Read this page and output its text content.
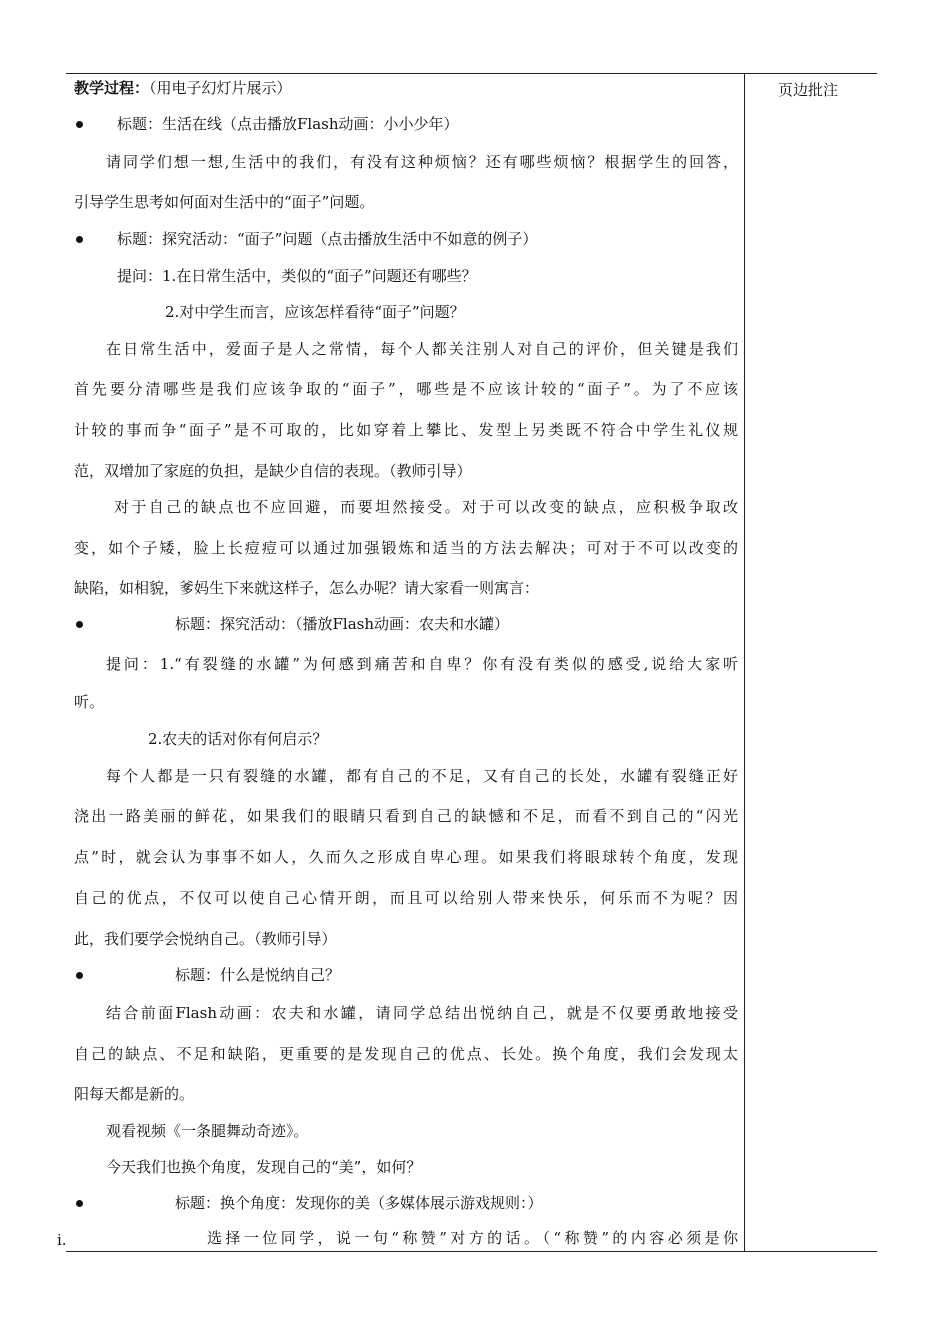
页边批注
教学过程：（用电子幻灯片展示）
标题：生活在线（点击播放Flash动画：小小少年）
请同学们想一想,生活中的我们，有没有这种烦恼？还有哪些烦恼？根据学生的回答，
引导学生思考如何面对生活中的“面子”问题。
标题：探究活动：“面子”问题（点击播放生活中不如意的例子）
提问：1.在日常生活中，类似的“面子”问题还有哪些？
2.对中学生而言，应该怎样看待“面子”问题？
在日常生活中，爱面子是人之常情，每个人都关注别人对自己的评价，但关键是我们
首先要分清哪些是我们应该争取的“面子”，哪些是不应该计较的“面子”。为了不应该
计较的事而争“面子”是不可取的，比如穿着上攀比、发型上另类既不符合中学生礼仪规
范，双增加了家庭的负担，是缺少自信的表现。（教师引导）
对于自己的缺点也不应回避，而要坦然接受。对于可以改变的缺点，应积极争取改
变，如个子矮，脸上长痘痘可以通过加强锻炼和适当的方法去解决；可对于不可以改变的
缺陷，如相貌，爹妈生下来就这样子，怎么办呢？请大家看一则寓言：
标题：探究活动：（播放Flash动画：农夫和水罐）
提问：1.“有裂缝的水罐”为何感到痛苦和自卑？你有没有类似的感受,说给大家听
听。
2.农夫的话对你有何启示？
每个人都是一只有裂缝的水罐，都有自己的不足，又有自己的长处，水罐有裂缝正好
浇出一路美丽的鲜花，如果我们的眼睛只看到自己的缺憾和不足，而看不到自己的“闪光
点”时，就会认为事事不如人，久而久之形成自卑心理。如果我们将眼球转个角度，发现
自己的优点，不仅可以使自己心情开朗，而且可以给别人带来快乐，何乐而不为呢？因
此，我们要学会悦纳自己。（教师引导）
标题：什么是悦纳自己？
结合前面Flash动画：农夫和水罐，请同学总结出悦纳自己，就是不仅要勇敢地接受
自己的缺点、不足和缺陷，更重要的是发现自己的优点、长处。换个角度，我们会发现太
阳每天都是新的。
观看视频《一条腿舞动奇迹》。
今天我们也换个角度，发现自己的“美”，如何？
标题：换个角度：发现你的美（多媒体展示游戏规则：）
i.	选择一位同学，说一句“称赞”对方的话。（“称赞”的内容必须是你
